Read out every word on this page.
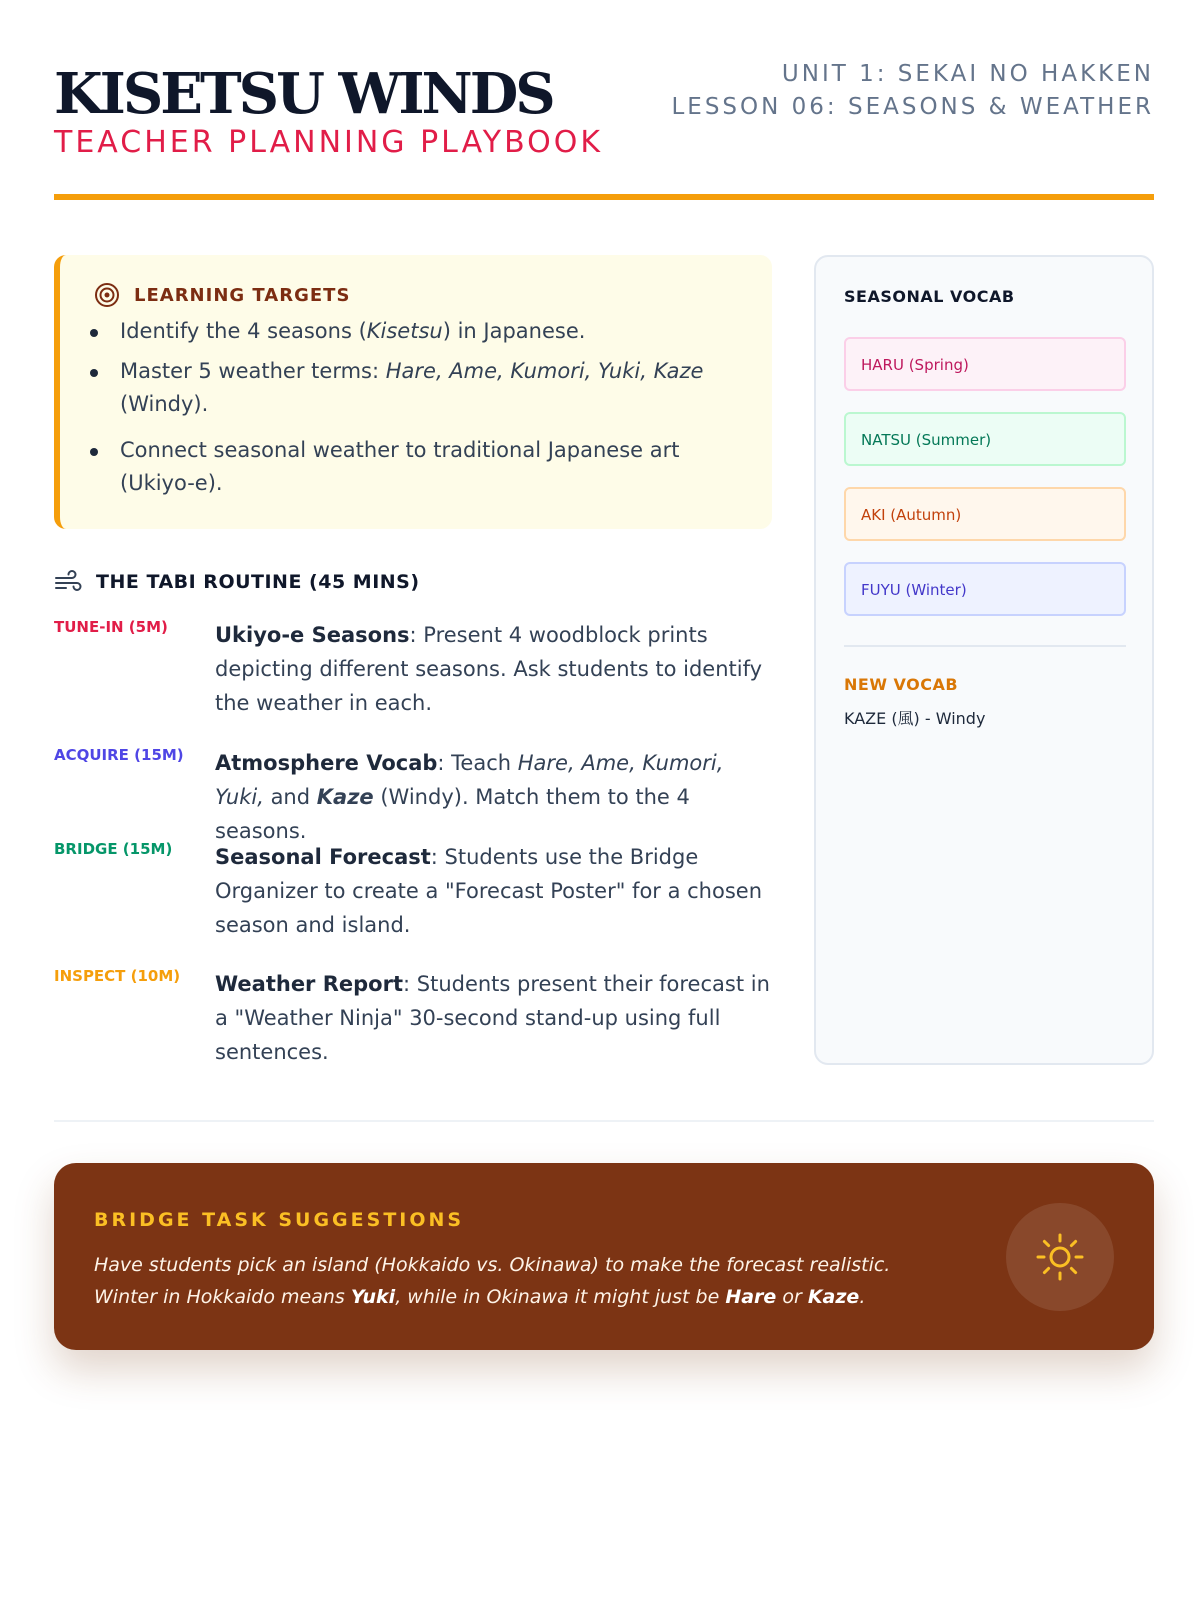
KISETSU WINDS
TEACHER PLANNING PLAYBOOK
UNIT 1: SEKAI NO HAKKEN
LESSON 06: SEASONS & WEATHER
LEARNING TARGETS
Identify the 4 seasons (Kisetsu) in Japanese.
Master 5 weather terms: Hare, Ame, Kumori, Yuki, Kaze (Windy).
Connect seasonal weather to traditional Japanese art (Ukiyo-e).
THE TABI ROUTINE (45 MINS)
TUNE-IN (5M)	Ukiyo-e Seasons: Present 4 woodblock prints depicting different seasons. Ask students to identify the weather in each.
ACQUIRE (15M)	Atmosphere Vocab: Teach Hare, Ame, Kumori, Yuki, and Kaze (Windy). Match them to the 4 seasons.
BRIDGE (15M)	Seasonal Forecast: Students use the Bridge Organizer to create a "Forecast Poster" for a chosen season and island.
INSPECT (10M)	Weather Report: Students present their forecast in a "Weather Ninja" 30-second stand-up using full sentences.
SEASONAL VOCAB
HARU (Spring)
NATSU (Summer)
AKI (Autumn)
FUYU (Winter)
NEW VOCAB
KAZE (風) - Windy
BRIDGE TASK SUGGESTIONS
Have students pick an island (Hokkaido vs. Okinawa) to make the forecast realistic.
Winter in Hokkaido means Yuki, while in Okinawa it might just be Hare or Kaze.
